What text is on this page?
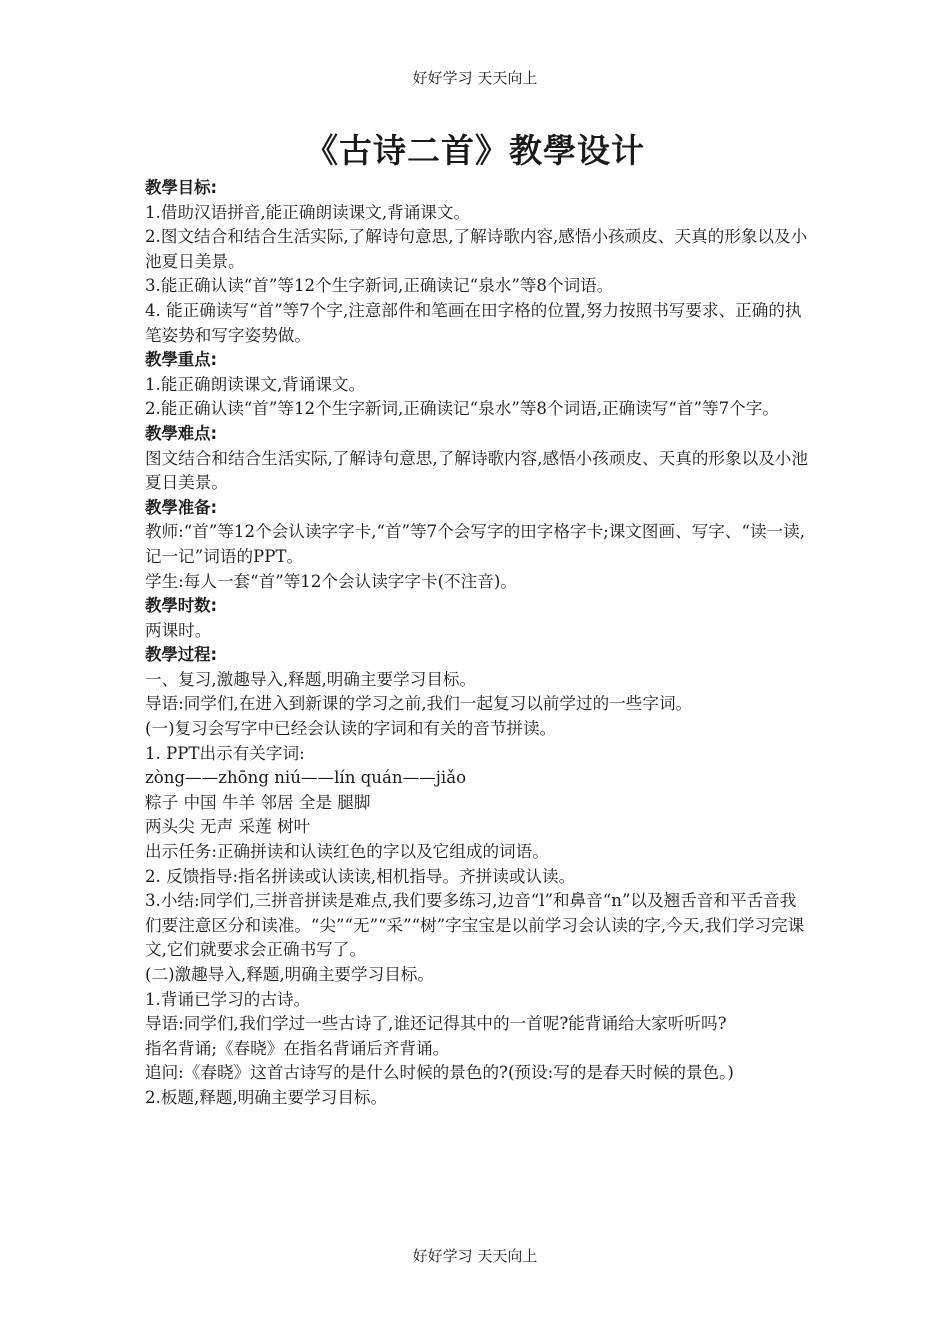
好好学习 天天向上
《古诗二首》教學设计

教學目标:

1.借助汉语拼音,能正确朗读课文,背诵课文。

2.图文结合和结合生活实际,了解诗句意思,了解诗歌内容,感悟小孩顽皮、天真的形象以及小池夏日美景。

3.能正确认读“首”等12个生字新词,正确读记“泉水”等8个词语。

4. 能正确读写“首”等7个字,注意部件和笔画在田字格的位置,努力按照书写要求、正确的执笔姿势和写字姿势做。

教學重点:

1.能正确朗读课文,背诵课文。

2.能正确认读“首”等12个生字新词,正确读记“泉水”等8个词语,正确读写“首”等7个字。

教學难点:

图文结合和结合生活实际,了解诗句意思,了解诗歌内容,感悟小孩顽皮、天真的形象以及小池夏日美景。

教學准备:

教师:“首”等12个会认读字字卡,“首”等7个会写字的田字格字卡;课文图画、写字、“读一读,记一记”词语的PPT。

学生:每人一套“首”等12个会认读字字卡(不注音)。

教學时数:

两课时。

教學过程:

一、复习,激趣导入,释题,明确主要学习目标。

导语:同学们,在进入到新课的学习之前,我们一起复习以前学过的一些字词。

(一)复习会写字中已经会认读的字词和有关的音节拼读。

1. PPT出示有关字词:

zòng——zhōng niú——lín quán——jiǎo

粽子 中国 牛羊 邻居 全是 腿脚

两头尖 无声 采莲 树叶

出示任务:正确拼读和认读红色的字以及它组成的词语。

2. 反馈指导:指名拼读或认读读,相机指导。齐拼读或认读。

3.小结:同学们,三拼音拼读是难点,我们要多练习,边音“l”和鼻音“n”以及翘舌音和平舌音我们要注意区分和读准。“尖”“无”“采”“树”字宝宝是以前学习会认读的字,今天,我们学习完课文,它们就要求会正确书写了。

(二)激趣导入,释题,明确主要学习目标。

1.背诵已学习的古诗。

导语:同学们,我们学过一些古诗了,谁还记得其中的一首呢?能背诵给大家听听吗?

指名背诵;《春晓》在指名背诵后齐背诵。

追问:《春晓》这首古诗写的是什么时候的景色的?(预设:写的是春天时候的景色。)

2.板题,释题,明确主要学习目标。

好好学习 天天向上
